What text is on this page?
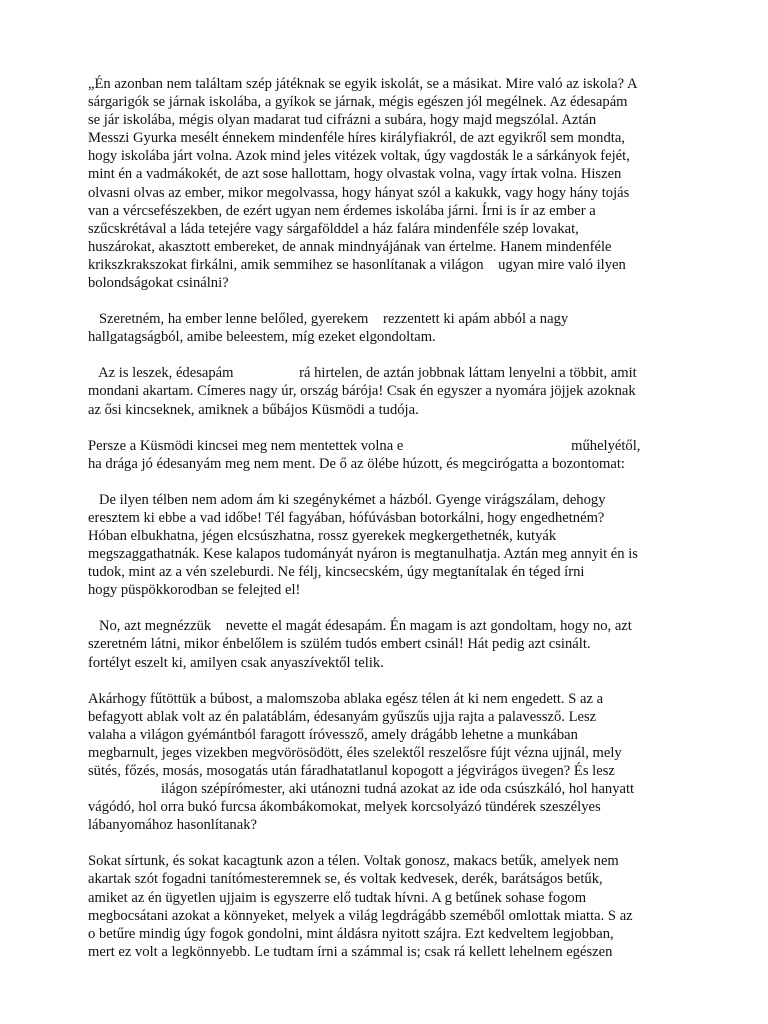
„Én azonban nem találtam szép játéknak se egyik iskolát, se a másikat. Mire való az iskola? A
sárgarigók se járnak iskolába, a gyíkok se járnak, mégis egészen jól megélnek. Az édesapám
se jár iskolába, mégis olyan madarat tud cifrázni a subára, hogy majd megszólal. Aztán
Messzi Gyurka mesélt énnekem mindenféle híres királyfiakról, de azt egyikről sem mondta,
hogy iskolába járt volna. Azok mind jeles vitézek voltak, úgy vagdosták le a sárkányok fejét,
mint én a vadmákokét, de azt sose hallottam, hogy olvastak volna, vagy írtak volna. Hiszen
olvasni olvas az ember, mikor megolvassa, hogy hányat szól a kakukk, vagy hogy hány tojás
van a vércsefészekben, de ezért ugyan nem érdemes iskolába járni. Írni is ír az ember a
szűcskrétával a láda tetejére vagy sárgafölddel a ház falára mindenféle szép lovakat,
huszárokat, akasztott embereket, de annak mindnyájának van értelme. Hanem mindenféle
krikszkrakszokat firkálni, amik semmihez se hasonlítanak a világon    ugyan mire való ilyen
bolondságokat csinálni?

Szeretném, ha ember lenne belőled, gyerekem    rezzentett ki apám abból a nagy
hallgatagságból, amibe beleestem, míg ezeket elgondoltam.

Az is leszek, édesapám                  rá hirtelen, de aztán jobbnak láttam lenyelni a többit, amit
mondani akartam. Címeres nagy úr, ország bárója! Csak én egyszer a nyomára jöjjek azoknak
az ősi kincseknek, amiknek a bűbájos Küsmödi a tudója.

Persze a Küsmödi kincsei meg nem mentettek volna e                                              műhelyétől,
ha drága jó édesanyám meg nem ment. De ő az ölébe húzott, és megcirógatta a bozontomat:

De ilyen télben nem adom ám ki szegénykémet a házból. Gyenge virágszálam, dehogy
eresztem ki ebbe a vad időbe! Tél fagyában, hófúvásban botorkálni, hogy engedhetném?
Hóban elbukhatna, jégen elcsúszhatna, rossz gyerekek megkergethetnék, kutyák
megszaggathatnák. Kese kalapos tudományát nyáron is megtanulhatja. Aztán meg annyit én is
tudok, mint az a vén szeleburdi. Ne félj, kincsecském, úgy megtanítalak én téged írni
hogy püspökkorodban se felejted el!

No, azt megnézzük    nevette el magát édesapám. Én magam is azt gondoltam, hogy no, azt
szeretném látni, mikor énbelőlem is szülém tudós embert csinál! Hát pedig azt csinált.
fortélyt eszelt ki, amilyen csak anyaszívektől telik.

Akárhogy fűtöttük a búbost, a malomszoba ablaka egész télen át ki nem engedett. S az a
befagyott ablak volt az én palatáblám, édesanyám gyűszűs ujja rajta a palavessző. Lesz
valaha a világon gyémántból faragott íróvessző, amely drágább lehetne a munkában
megbarnult, jeges vizekben megvörösödött, éles szelektől reszelősre fújt vézna ujjnál, mely
sütés, főzés, mosás, mosogatás után fáradhatatlanul kopogott a jégvirágos üvegen? És lesz
ilágon szépírómester, aki utánozni tudná azokat az ide oda csúszkáló, hol hanyatt
vágódó, hol orra bukó furcsa ákombákomokat, melyek korcsolyázó tündérek szeszélyes
lábanyomához hasonlítanak?

Sokat sírtunk, és sokat kacagtunk azon a télen. Voltak gonosz, makacs betűk, amelyek nem
akartak szót fogadni tanítómesteremnek se, és voltak kedvesek, derék, barátságos betűk,
amiket az én ügyetlen ujjaim is egyszerre elő tudtak hívni. A g betűnek sohase fogom
megbocsátani azokat a könnyeket, melyek a világ legdrágább szeméből omlottak miatta. S az
o betűre mindig úgy fogok gondolni, mint áldásra nyitott szájra. Ezt kedveltem legjobban,
mert ez volt a legkönnyebb. Le tudtam írni a számmal is; csak rá kellett lehelnem egészen
